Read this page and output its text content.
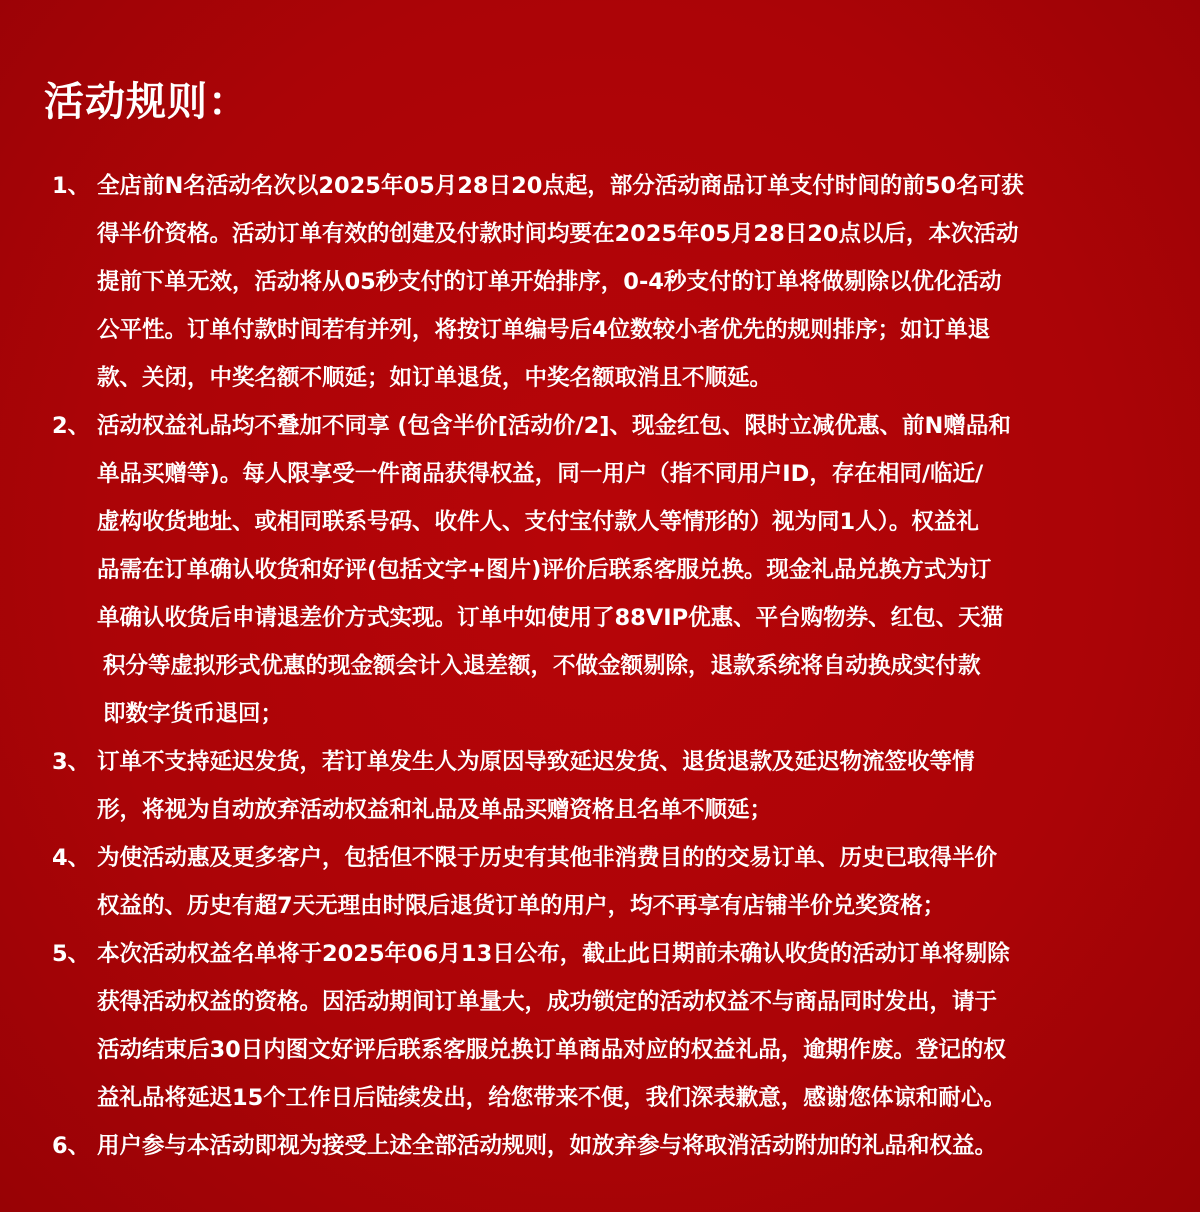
活动规则：
1、 全店前N名活动名次以2025年05月28日20点起，部分活动商品订单支付时间的前50名可获
得半价资格。活动订单有效的创建及付款时间均要在2025年05月28日20点以后，本次活动
提前下单无效，活动将从05秒支付的订单开始排序，0-4秒支付的订单将做剔除以优化活动
公平性。订单付款时间若有并列，将按订单编号后4位数较小者优先的规则排序；如订单退
款、关闭，中奖名额不顺延；如订单退货，中奖名额取消且不顺延。
2、 活动权益礼品均不叠加不同享 (包含半价[活动价/2]、现金红包、限时立减优惠、前N赠品和
单品买赠等)。每人限享受一件商品获得权益，同一用户（指不同用户ID，存在相同/临近/
虚构收货地址、或相同联系号码、收件人、支付宝付款人等情形的）视为同1人）。权益礼
品需在订单确认收货和好评(包括文字+图片)评价后联系客服兑换。现金礼品兑换方式为订
单确认收货后申请退差价方式实现。订单中如使用了88VIP优惠、平台购物券、红包、天猫
积分等虚拟形式优惠的现金额会计入退差额，不做金额剔除，退款系统将自动换成实付款
即数字货币退回；
3、 订单不支持延迟发货，若订单发生人为原因导致延迟发货、退货退款及延迟物流签收等情
形，将视为自动放弃活动权益和礼品及单品买赠资格且名单不顺延；
4、 为使活动惠及更多客户，包括但不限于历史有其他非消费目的的交易订单、历史已取得半价
权益的、历史有超7天无理由时限后退货订单的用户，均不再享有店铺半价兑奖资格；
5、 本次活动权益名单将于2025年06月13日公布，截止此日期前未确认收货的活动订单将剔除
获得活动权益的资格。因活动期间订单量大，成功锁定的活动权益不与商品同时发出，请于
活动结束后30日内图文好评后联系客服兑换订单商品对应的权益礼品，逾期作废。登记的权
益礼品将延迟15个工作日后陆续发出，给您带来不便，我们深表歉意，感谢您体谅和耐心。
6、 用户参与本活动即视为接受上述全部活动规则，如放弃参与将取消活动附加的礼品和权益。
